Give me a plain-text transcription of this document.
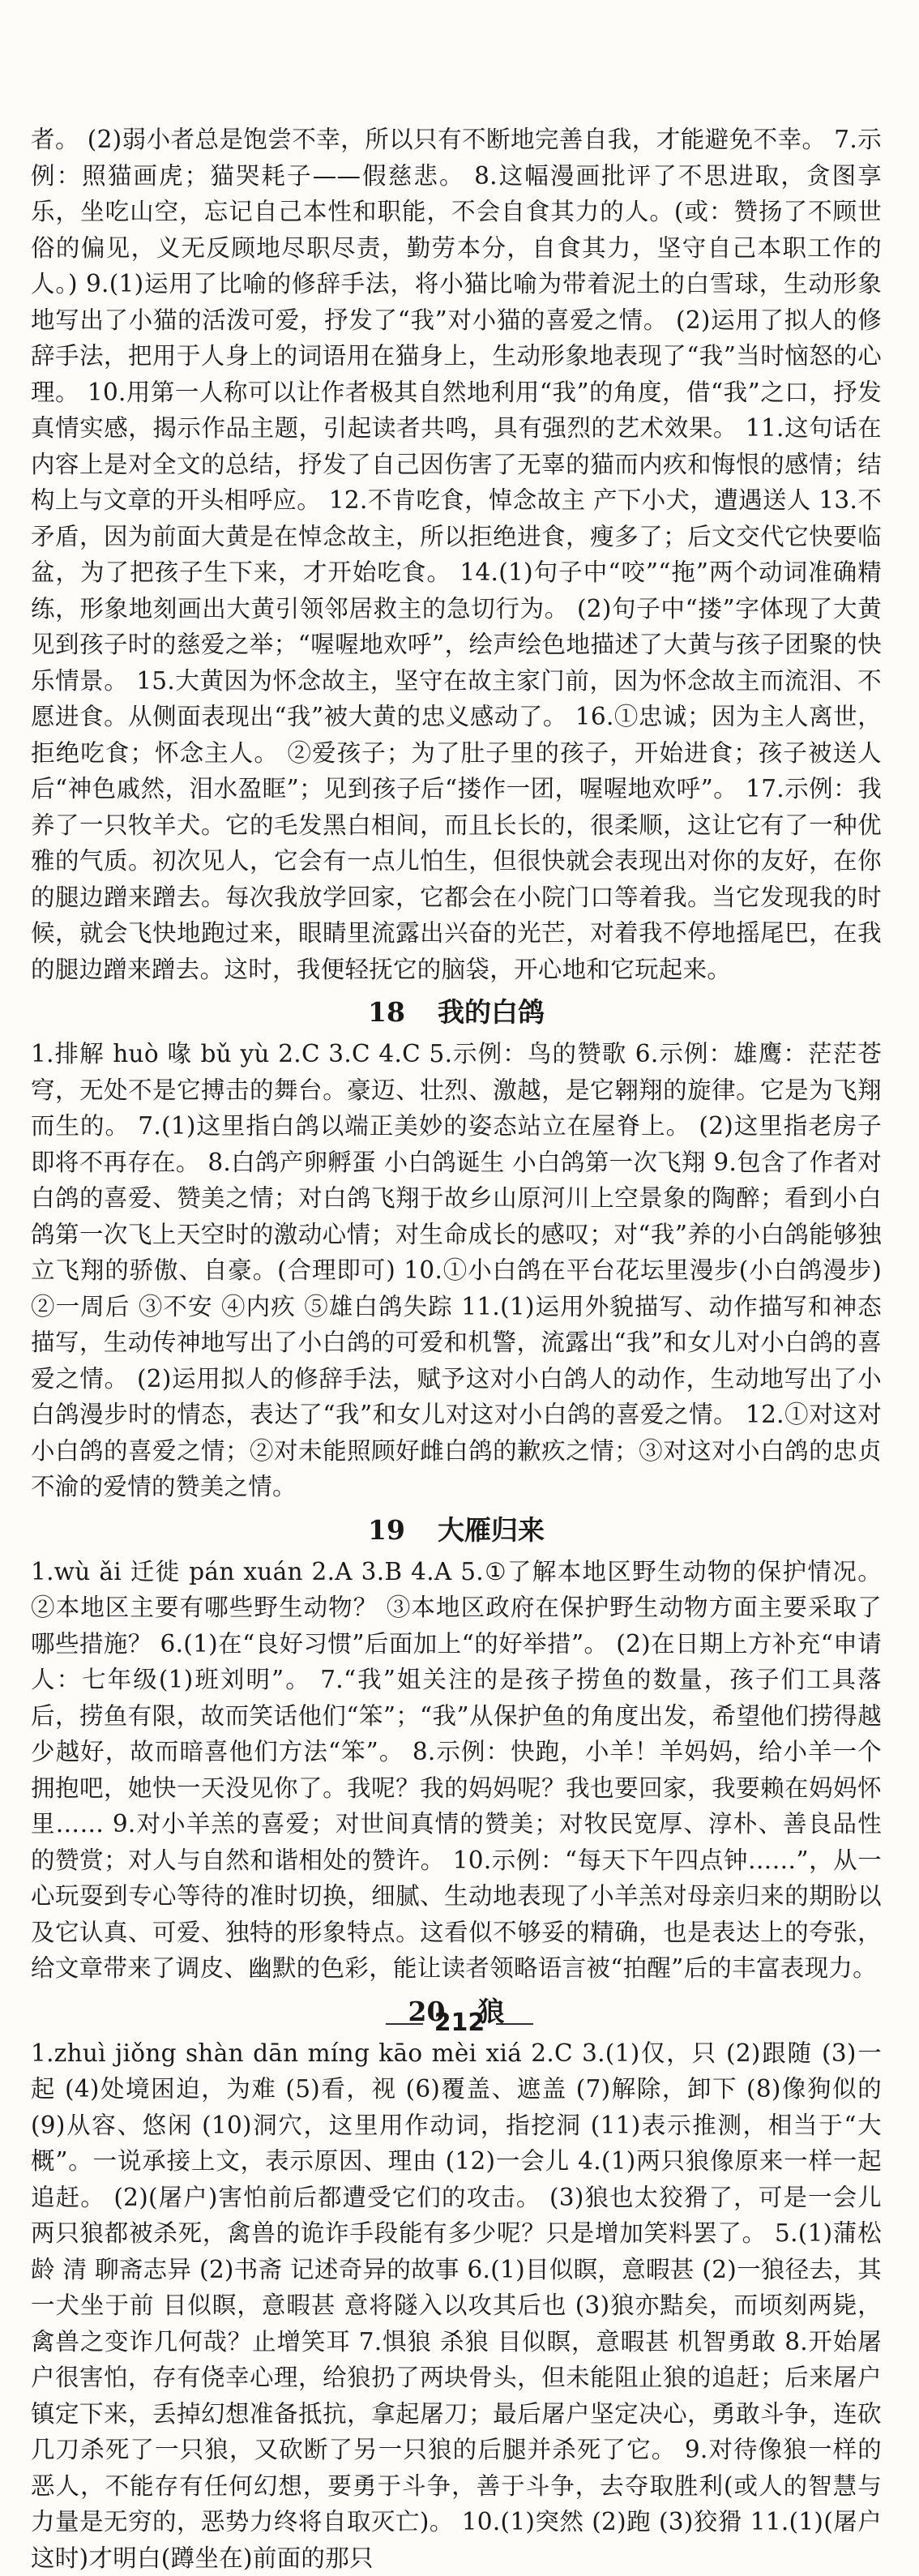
者。 (2)弱小者总是饱尝不幸，所以只有不断地完善自我，才能避免不幸。 7.示例：照猫画虎；猫哭耗子——假慈悲。 8.这幅漫画批评了不思进取，贪图享乐，坐吃山空，忘记自己本性和职能，不会自食其力的人。(或：赞扬了不顾世俗的偏见，义无反顾地尽职尽责，勤劳本分，自食其力，坚守自己本职工作的人。) 9.(1)运用了比喻的修辞手法，将小猫比喻为带着泥土的白雪球，生动形象地写出了小猫的活泼可爱，抒发了“我”对小猫的喜爱之情。 (2)运用了拟人的修辞手法，把用于人身上的词语用在猫身上，生动形象地表现了“我”当时恼怒的心理。 10.用第一人称可以让作者极其自然地利用“我”的角度，借“我”之口，抒发真情实感，揭示作品主题，引起读者共鸣，具有强烈的艺术效果。 11.这句话在内容上是对全文的总结，抒发了自己因伤害了无辜的猫而内疚和悔恨的感情；结构上与文章的开头相呼应。 12.不肯吃食，悼念故主 产下小犬，遭遇送人 13.不矛盾，因为前面大黄是在悼念故主，所以拒绝进食，瘦多了；后文交代它快要临盆，为了把孩子生下来，才开始吃食。 14.(1)句子中“咬”“拖”两个动词准确精练，形象地刻画出大黄引领邻居救主的急切行为。 (2)句子中“搂”字体现了大黄见到孩子时的慈爱之举；“喔喔地欢呼”，绘声绘色地描述了大黄与孩子团聚的快乐情景。 15.大黄因为怀念故主，坚守在故主家门前，因为怀念故主而流泪、不愿进食。从侧面表现出“我”被大黄的忠义感动了。 16.①忠诚；因为主人离世，拒绝吃食；怀念主人。 ②爱孩子；为了肚子里的孩子，开始进食；孩子被送人后“神色戚然，泪水盈眶”；见到孩子后“搂作一团，喔喔地欢呼”。 17.示例：我养了一只牧羊犬。它的毛发黑白相间，而且长长的，很柔顺，这让它有了一种优雅的气质。初次见人，它会有一点儿怕生，但很快就会表现出对你的友好，在你的腿边蹭来蹭去。每次我放学回家，它都会在小院门口等着我。当它发现我的时候，就会飞快地跑过来，眼睛里流露出兴奋的光芒，对着我不停地摇尾巴，在我的腿边蹭来蹭去。这时，我便轻抚它的脑袋，开心地和它玩起来。

18 我的白鸽

1.排解 huò 喙 bǔ yù 2.C 3.C 4.C 5.示例：鸟的赞歌 6.示例：雄鹰：茫茫苍穹，无处不是它搏击的舞台。豪迈、壮烈、激越，是它翱翔的旋律。它是为飞翔而生的。 7.(1)这里指白鸽以端正美妙的姿态站立在屋脊上。 (2)这里指老房子即将不再存在。 8.白鸽产卵孵蛋 小白鸽诞生 小白鸽第一次飞翔 9.包含了作者对白鸽的喜爱、赞美之情；对白鸽飞翔于故乡山原河川上空景象的陶醉；看到小白鸽第一次飞上天空时的激动心情；对生命成长的感叹；对“我”养的小白鸽能够独立飞翔的骄傲、自豪。(合理即可) 10.①小白鸽在平台花坛里漫步(小白鸽漫步) ②一周后 ③不安 ④内疚 ⑤雄白鸽失踪 11.(1)运用外貌描写、动作描写和神态描写，生动传神地写出了小白鸽的可爱和机警，流露出“我”和女儿对小白鸽的喜爱之情。 (2)运用拟人的修辞手法，赋予这对小白鸽人的动作，生动地写出了小白鸽漫步时的情态，表达了“我”和女儿对这对小白鸽的喜爱之情。 12.①对这对小白鸽的喜爱之情；②对未能照顾好雌白鸽的歉疚之情；③对这对小白鸽的忠贞不渝的爱情的赞美之情。

19 大雁归来

1.wù ǎi 迁徙 pán xuán 2.A 3.B 4.A 5.①了解本地区野生动物的保护情况。 ②本地区主要有哪些野生动物？ ③本地区政府在保护野生动物方面主要采取了哪些措施？ 6.(1)在“良好习惯”后面加上“的好举措”。 (2)在日期上方补充“申请人：七年级(1)班刘明”。 7.“我”姐关注的是孩子捞鱼的数量，孩子们工具落后，捞鱼有限，故而笑话他们“笨”；“我”从保护鱼的角度出发，希望他们捞得越少越好，故而暗喜他们方法“笨”。 8.示例：快跑，小羊！羊妈妈，给小羊一个拥抱吧，她快一天没见你了。我呢？我的妈妈呢？我也要回家，我要赖在妈妈怀里…… 9.对小羊羔的喜爱；对世间真情的赞美；对牧民宽厚、淳朴、善良品性的赞赏；对人与自然和谐相处的赞许。 10.示例：“每天下午四点钟……”，从一心玩耍到专心等待的准时切换，细腻、生动地表现了小羊羔对母亲归来的期盼以及它认真、可爱、独特的形象特点。这看似不够妥的精确，也是表达上的夸张，给文章带来了调皮、幽默的色彩，能让读者领略语言被“拍醒”后的丰富表现力。

20 狼

1.zhuì jiǒng shàn dān míng kāo mèi xiá 2.C 3.(1)仅，只 (2)跟随 (3)一起 (4)处境困迫，为难 (5)看，视 (6)覆盖、遮盖 (7)解除，卸下 (8)像狗似的 (9)从容、悠闲 (10)洞穴，这里用作动词，指挖洞 (11)表示推测，相当于“大概”。一说承接上文，表示原因、理由 (12)一会儿 4.(1)两只狼像原来一样一起追赶。 (2)(屠户)害怕前后都遭受它们的攻击。 (3)狼也太狡猾了，可是一会儿两只狼都被杀死，禽兽的诡诈手段能有多少呢？只是增加笑料罢了。 5.(1)蒲松龄 清 聊斋志异 (2)书斋 记述奇异的故事 6.(1)目似瞑，意暇甚 (2)一狼径去，其一犬坐于前 目似瞑，意暇甚 意将隧入以攻其后也 (3)狼亦黠矣，而顷刻两毙，禽兽之变诈几何哉？止增笑耳 7.惧狼 杀狼 目似瞑，意暇甚 机智勇敢 8.开始屠户很害怕，存有侥幸心理，给狼扔了两块骨头，但未能阻止狼的追赶；后来屠户镇定下来，丢掉幻想准备抵抗，拿起屠刀；最后屠户坚定决心，勇敢斗争，连砍几刀杀死了一只狼，又砍断了另一只狼的后腿并杀死了它。 9.对待像狼一样的恶人，不能存有任何幻想，要勇于斗争，善于斗争，去夺取胜利(或人的智慧与力量是无穷的，恶势力终将自取灭亡)。 10.(1)突然 (2)跑 (3)狡猾 11.(1)(屠户这时)才明白(蹲坐在)前面的那只

212
